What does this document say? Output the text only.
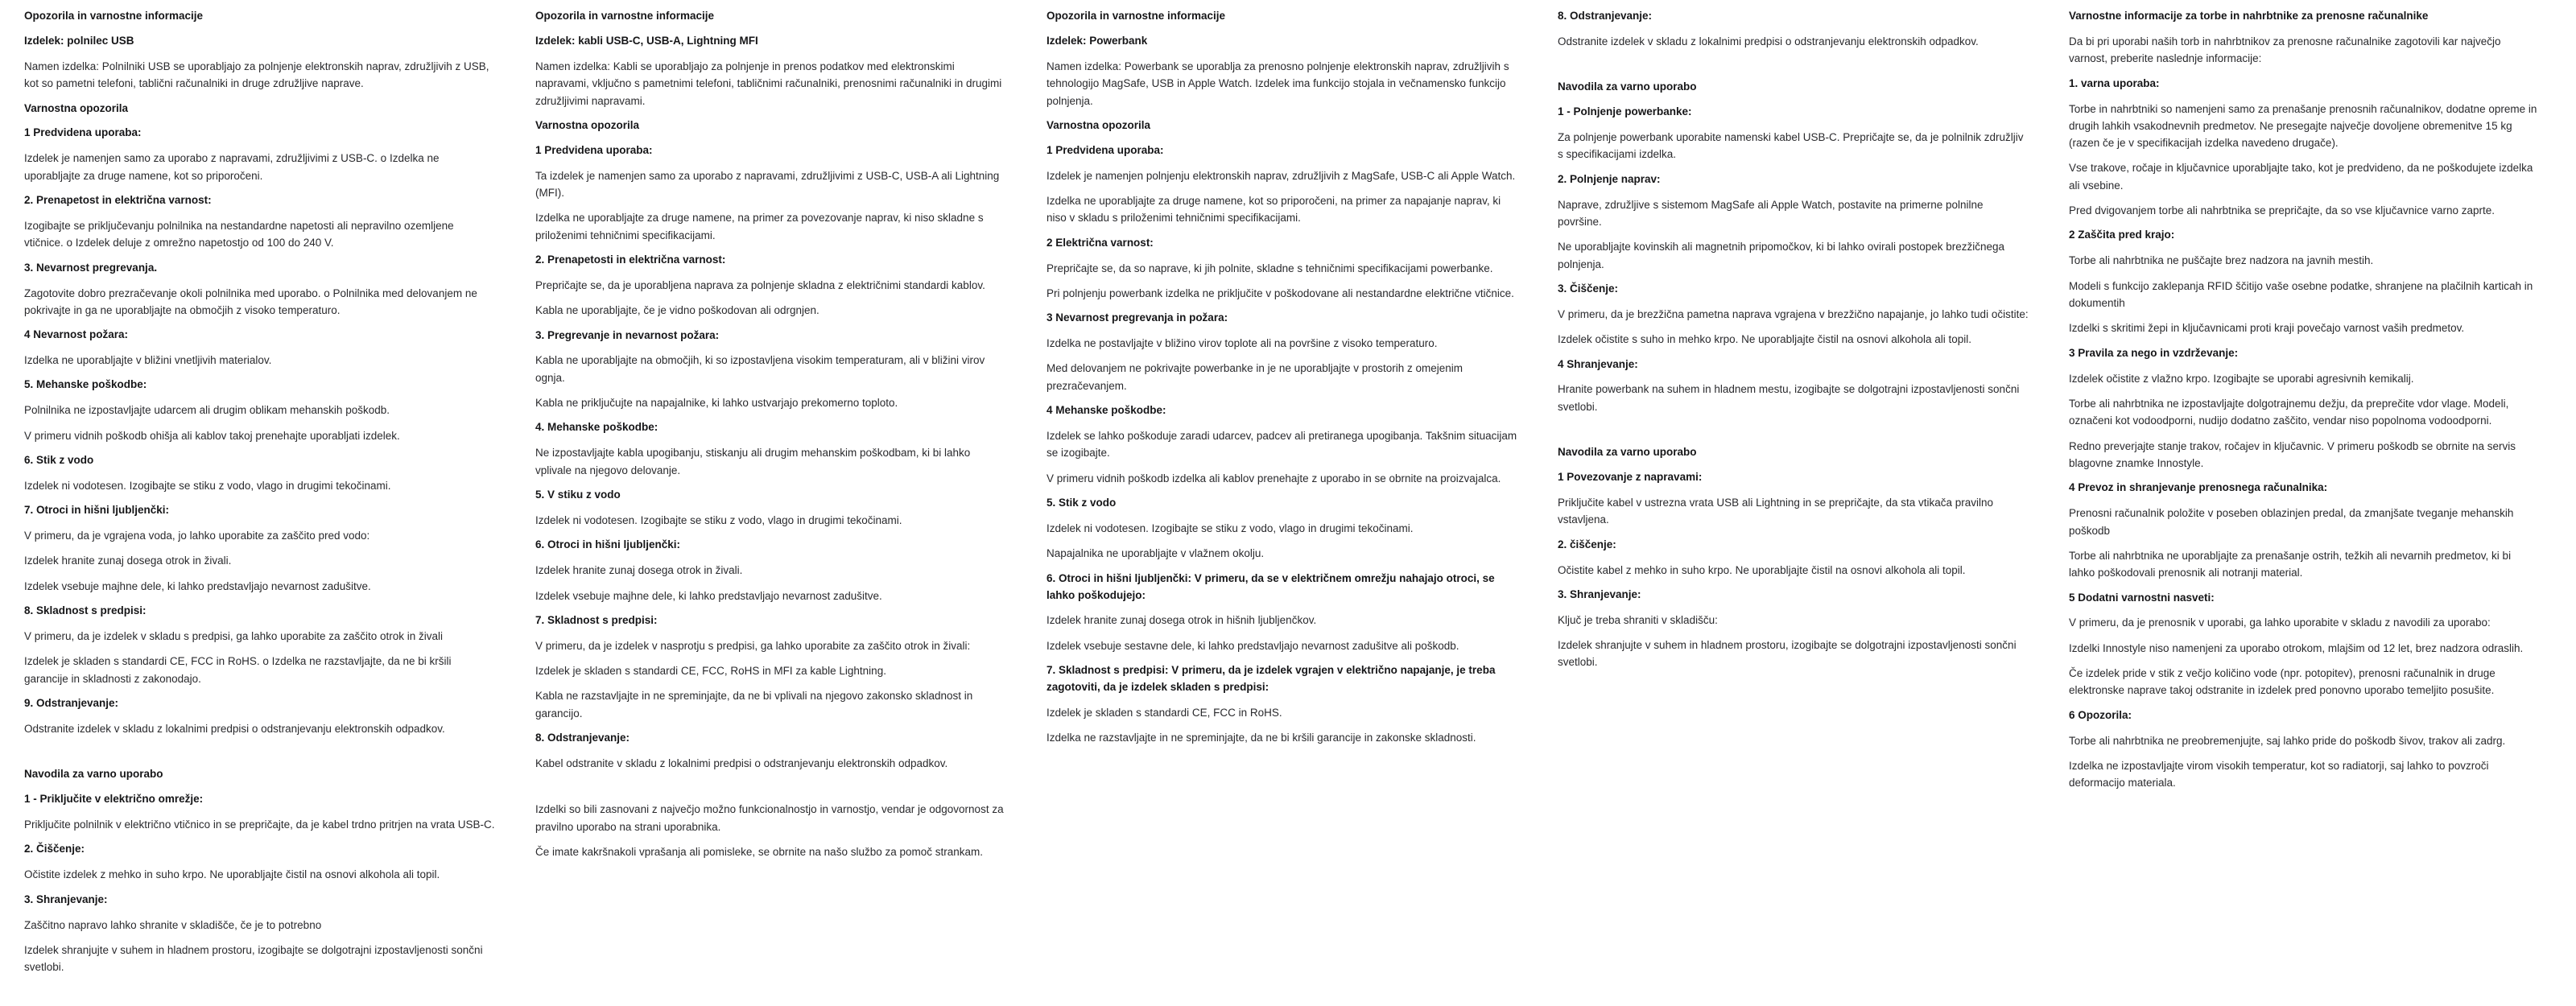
Opozorila in varnostne informacije
Izdelek: polnilec USB
Namen izdelka: Polnilniki USB se uporabljajo za polnjenje elektronskih naprav, združljivih z USB, kot so pametni telefoni, tablični računalniki in druge združljive naprave.
Varnostna opozorila
1 Predvidena uporaba:
Izdelek je namenjen samo za uporabo z napravami, združljivimi z USB-C. o Izdelka ne uporabljajte za druge namene, kot so priporočeni.
2. Prenapetost in električna varnost:
Izogibajte se priključevanju polnilnika na nestandardne napetosti ali nepravilno ozemljene vtičnice. o Izdelek deluje z omrežno napetostjo od 100 do 240 V.
3. Nevarnost pregrevanja.
Zagotovite dobro prezračevanje okoli polnilnika med uporabo. o Polnilnika med delovanjem ne pokrivajte in ga ne uporabljajte na območjih z visoko temperaturo.
4 Nevarnost požara:
Izdelka ne uporabljajte v bližini vnetljivih materialov.
5. Mehanske poškodbe:
Polnilnika ne izpostavljajte udarcem ali drugim oblikam mehanskih poškodb.
V primeru vidnih poškodb ohišja ali kablov takoj prenehajte uporabljati izdelek.
6. Stik z vodo
Izdelek ni vodotesen. Izogibajte se stiku z vodo, vlago in drugimi tekočinami.
7. Otroci in hišni ljubljenčki:
V primeru, da je vgrajena voda, jo lahko uporabite za zaščito pred vodo:
Izdelek hranite zunaj dosega otrok in živali.
Izdelek vsebuje majhne dele, ki lahko predstavljajo nevarnost zadušitve.
8. Skladnost s predpisi:
V primeru, da je izdelek v skladu s predpisi, ga lahko uporabite za zaščito otrok in živali
Izdelek je skladen s standardi CE, FCC in RoHS. o Izdelka ne razstavljajte, da ne bi kršili garancije in skladnosti z zakonodajo.
9. Odstranjevanje:
Odstranite izdelek v skladu z lokalnimi predpisi o odstranjevanju elektronskih odpadkov.
Navodila za varno uporabo
1 - Priključite v električno omrežje:
Priključite polnilnik v električno vtičnico in se prepričajte, da je kabel trdno pritrjen na vrata USB-C.
2. Čiščenje:
Očistite izdelek z mehko in suho krpo. Ne uporabljajte čistil na osnovi alkohola ali topil.
3. Shranjevanje:
Zaščitno napravo lahko shranite v skladišče, če je to potrebno
Izdelek shranjujte v suhem in hladnem prostoru, izogibajte se dolgotrajni izpostavljenosti sončni svetlobi.
Opozorila in varnostne informacije
Izdelek: kabli USB-C, USB-A, Lightning MFI
Namen izdelka: Kabli se uporabljajo za polnjenje in prenos podatkov med elektronskimi napravami, vključno s pametnimi telefoni, tabličnimi računalniki, prenosnimi računalniki in drugimi združljivimi napravami.
Varnostna opozorila
1 Predvidena uporaba:
Ta izdelek je namenjen samo za uporabo z napravami, združljivimi z USB-C, USB-A ali Lightning (MFI).
Izdelka ne uporabljajte za druge namene, na primer za povezovanje naprav, ki niso skladne s priloženimi tehničnimi specifikacijami.
2. Prenapetosti in električna varnost:
Prepričajte se, da je uporabljena naprava za polnjenje skladna z električnimi standardi kablov.
Kabla ne uporabljajte, če je vidno poškodovan ali odrgnjen.
3. Pregrevanje in nevarnost požara:
Kabla ne uporabljajte na območjih, ki so izpostavljena visokim temperaturam, ali v bližini virov ognja.
Kabla ne priključujte na napajalnike, ki lahko ustvarjajo prekomerno toploto.
4. Mehanske poškodbe:
Ne izpostavljajte kabla upogibanju, stiskanju ali drugim mehanskim poškodbam, ki bi lahko vplivale na njegovo delovanje.
5. V stiku z vodo
Izdelek ni vodotesen. Izogibajte se stiku z vodo, vlago in drugimi tekočinami.
6. Otroci in hišni ljubljenčki:
Izdelek hranite zunaj dosega otrok in živali.
Izdelek vsebuje majhne dele, ki lahko predstavljajo nevarnost zadušitve.
7. Skladnost s predpisi:
V primeru, da je izdelek v nasprotju s predpisi, ga lahko uporabite za zaščito otrok in živali:
Izdelek je skladen s standardi CE, FCC, RoHS in MFI za kable Lightning.
Kabla ne razstavljajte in ne spreminjajte, da ne bi vplivali na njegovo zakonsko skladnost in garancijo.
8. Odstranjevanje:
Kabel odstranite v skladu z lokalnimi predpisi o odstranjevanju elektronskih odpadkov.
Izdelki so bili zasnovani z največjo možno funkcionalnostjo in varnostjo, vendar je odgovornost za pravilno uporabo na strani uporabnika.
Če imate kakršnakoli vprašanja ali pomisleke, se obrnite na našo službo za pomoč strankam.
Opozorila in varnostne informacije
Izdelek: Powerbank
Namen izdelka: Powerbank se uporablja za prenosno polnjenje elektronskih naprav, združljivih s tehnologijo MagSafe, USB in Apple Watch. Izdelek ima funkcijo stojala in večnamensko funkcijo polnjenja.
Varnostna opozorila
1 Predvidena uporaba:
Izdelek je namenjen polnjenju elektronskih naprav, združljivih z MagSafe, USB-C ali Apple Watch.
Izdelka ne uporabljajte za druge namene, kot so priporočeni, na primer za napajanje naprav, ki niso v skladu s priloženimi tehničnimi specifikacijami.
2 Električna varnost:
Prepričajte se, da so naprave, ki jih polnite, skladne s tehničnimi specifikacijami powerbanke.
Pri polnjenju powerbank izdelka ne priključite v poškodovane ali nestandardne električne vtičnice.
3 Nevarnost pregrevanja in požara:
Izdelka ne postavljajte v bližino virov toplote ali na površine z visoko temperaturo.
Med delovanjem ne pokrivajte powerbanke in je ne uporabljajte v prostorih z omejenim prezračevanjem.
4 Mehanske poškodbe:
Izdelek se lahko poškoduje zaradi udarcev, padcev ali pretiranega upogibanja. Takšnim situacijam se izogibajte.
V primeru vidnih poškodb izdelka ali kablov prenehajte z uporabo in se obrnite na proizvajalca.
5. Stik z vodo
Izdelek ni vodotesen. Izogibajte se stiku z vodo, vlago in drugimi tekočinami.
Napajalnika ne uporabljajte v vlažnem okolju.
6. Otroci in hišni ljubljenčki: V primeru, da se v električnem omrežju nahajajo otroci, se lahko poškodujejo:
Izdelek hranite zunaj dosega otrok in hišnih ljubljenčkov.
Izdelek vsebuje sestavne dele, ki lahko predstavljajo nevarnost zadušitve ali poškodb.
7. Skladnost s predpisi: V primeru, da je izdelek vgrajen v električno napajanje, je treba zagotoviti, da je izdelek skladen s predpisi:
Izdelek je skladen s standardi CE, FCC in RoHS.
Izdelka ne razstavljajte in ne spreminjajte, da ne bi kršili garancije in zakonske skladnosti.
8. Odstranjevanje:
Odstranite izdelek v skladu z lokalnimi predpisi o odstranjevanju elektronskih odpadkov.
Navodila za varno uporabo
1 - Polnjenje powerbanke:
Za polnjenje powerbank uporabite namenski kabel USB-C. Prepričajte se, da je polnilnik združljiv s specifikacijami izdelka.
2. Polnjenje naprav:
Naprave, združljive s sistemom MagSafe ali Apple Watch, postavite na primerne polnilne površine.
Ne uporabljajte kovinskih ali magnetnih pripomočkov, ki bi lahko ovirali postopek brezžičnega polnjenja.
3. Čiščenje:
V primeru, da je brezžična pametna naprava vgrajena v brezžično napajanje, jo lahko tudi očistite:
Izdelek očistite s suho in mehko krpo. Ne uporabljajte čistil na osnovi alkohola ali topil.
4 Shranjevanje:
Hranite powerbank na suhem in hladnem mestu, izogibajte se dolgotrajni izpostavljenosti sončni svetlobi.
Navodila za varno uporabo
1 Povezovanje z napravami:
Priključite kabel v ustrezna vrata USB ali Lightning in se prepričajte, da sta vtikača pravilno vstavljena.
2. čiščenje:
Očistite kabel z mehko in suho krpo. Ne uporabljajte čistil na osnovi alkohola ali topil.
3. Shranjevanje:
Ključ je treba shraniti v skladišču:
Izdelek shranjujte v suhem in hladnem prostoru, izogibajte se dolgotrajni izpostavljenosti sončni svetlobi.
Varnostne informacije za torbe in nahrbtnike za prenosne računalnike
Da bi pri uporabi naših torb in nahrbtnikov za prenosne računalnike zagotovili kar največjo varnost, preberite naslednje informacije:
1. varna uporaba:
Torbe in nahrbtniki so namenjeni samo za prenašanje prenosnih računalnikov, dodatne opreme in drugih lahkih vsakodnevnih predmetov. Ne presegajte največje dovoljene obremenitve 15 kg (razen če je v specifikacijah izdelka navedeno drugače).
Vse trakove, ročaje in ključavnice uporabljajte tako, kot je predvideno, da ne poškodujete izdelka ali vsebine.
Pred dvigovanjem torbe ali nahrbtnika se prepričajte, da so vse ključavnice varno zaprte.
2 Zaščita pred krajo:
Torbe ali nahrbtnika ne puščajte brez nadzora na javnih mestih.
Modeli s funkcijo zaklepanja RFID ščitijo vaše osebne podatke, shranjene na plačilnih karticah in dokumentih
Izdelki s skritimi žepi in ključavnicami proti kraji povečajo varnost vaših predmetov.
3 Pravila za nego in vzdrževanje:
Izdelek očistite z vlažno krpo. Izogibajte se uporabi agresivnih kemikalij.
Torbe ali nahrbtnika ne izpostavljajte dolgotrajnemu dežju, da preprečite vdor vlage. Modeli, označeni kot vodoodporni, nudijo dodatno zaščito, vendar niso popolnoma vodoodporni.
Redno preverjajte stanje trakov, ročajev in ključavnic. V primeru poškodb se obrnite na servis blagovne znamke Innostyle.
4 Prevoz in shranjevanje prenosnega računalnika:
Prenosni računalnik položite v poseben oblazinjen predal, da zmanjšate tveganje mehanskih poškodb
Torbe ali nahrbtnika ne uporabljajte za prenašanje ostrih, težkih ali nevarnih predmetov, ki bi lahko poškodovali prenosnik ali notranji material.
5 Dodatni varnostni nasveti:
V primeru, da je prenosnik v uporabi, ga lahko uporabite v skladu z navodili za uporabo:
Izdelki Innostyle niso namenjeni za uporabo otrokom, mlajšim od 12 let, brez nadzora odraslih.
Če izdelek pride v stik z večjo količino vode (npr. potopitev), prenosni računalnik in druge elektronske naprave takoj odstranite in izdelek pred ponovno uporabo temeljito posušite.
6 Opozorila:
Torbe ali nahrbtnika ne preobremenjujte, saj lahko pride do poškodb šivov, trakov ali zadrg.
Izdelka ne izpostavljajte virom visokih temperatur, kot so radiatorji, saj lahko to povzroči deformacijo materiala.
